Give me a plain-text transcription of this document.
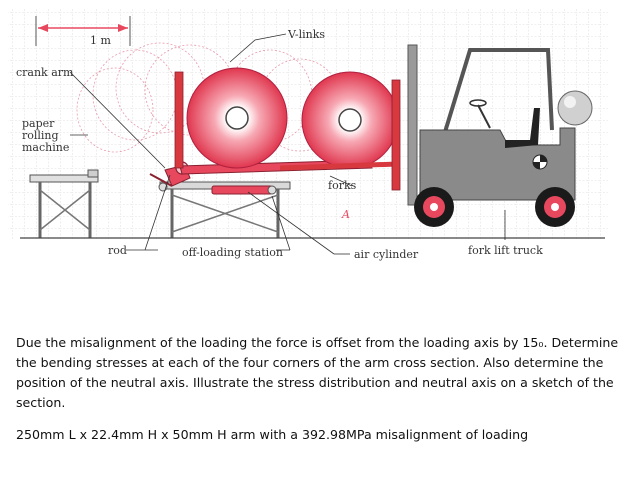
1 m
A
V-links
crank arm
paper
rolling
machine
forks
rod	off-loading station	air cylinder	fork lift truck

Due the misalignment of the loading the force is offset from the loading axis by 15₀. Determine the bending stresses at each of the four corners of the arm cross section. Also determine the position of the neutral axis. Illustrate the stress distribution and neutral axis on a sketch of the section.

250mm L x 22.4mm H x 50mm H arm with a 392.98MPa misalignment of loading
